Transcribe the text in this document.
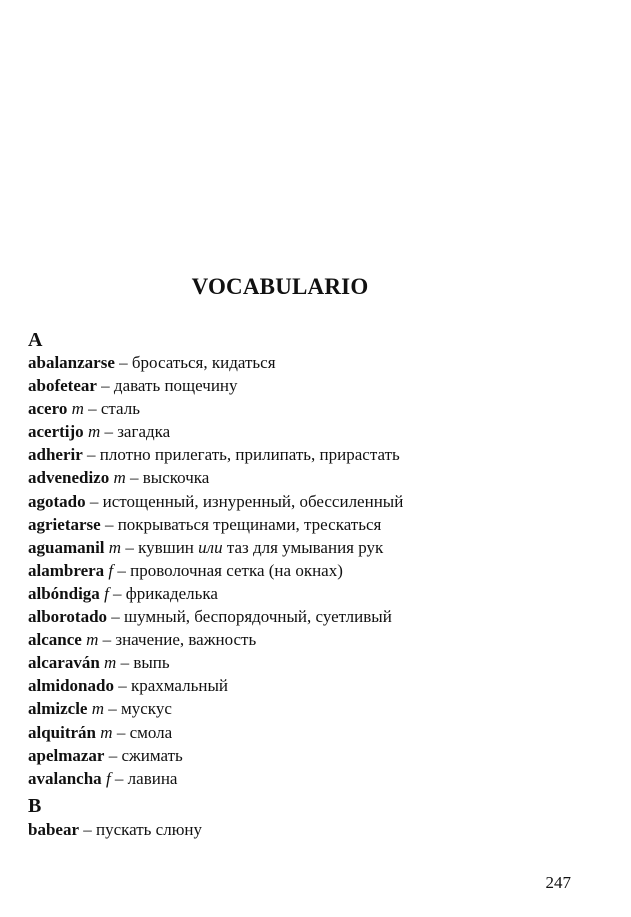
VOCABULARIO
A
abalanzarse – бросаться, кидаться
abofetear – давать пощечину
acero m – сталь
acertijo m – загадка
adherir – плотно прилегать, прилипать, прирастать
advenedizo m – выскочка
agotado – истощенный, изнуренный, обессиленный
agrietarse – покрываться трещинами, трескаться
aguamanil m – кувшин или таз для умывания рук
alambrera f – проволочная сетка (на окнах)
albóndiga f – фрикаделька
alborotado – шумный, беспорядочный, суетливый
alcance m – значение, важность
alcaraván m – выпь
almidonado – крахмальный
almizcle m – мускус
alquitrán m – смола
apelmazar – сжимать
avalancha f – лавина
B
babear – пускать слюну
247
